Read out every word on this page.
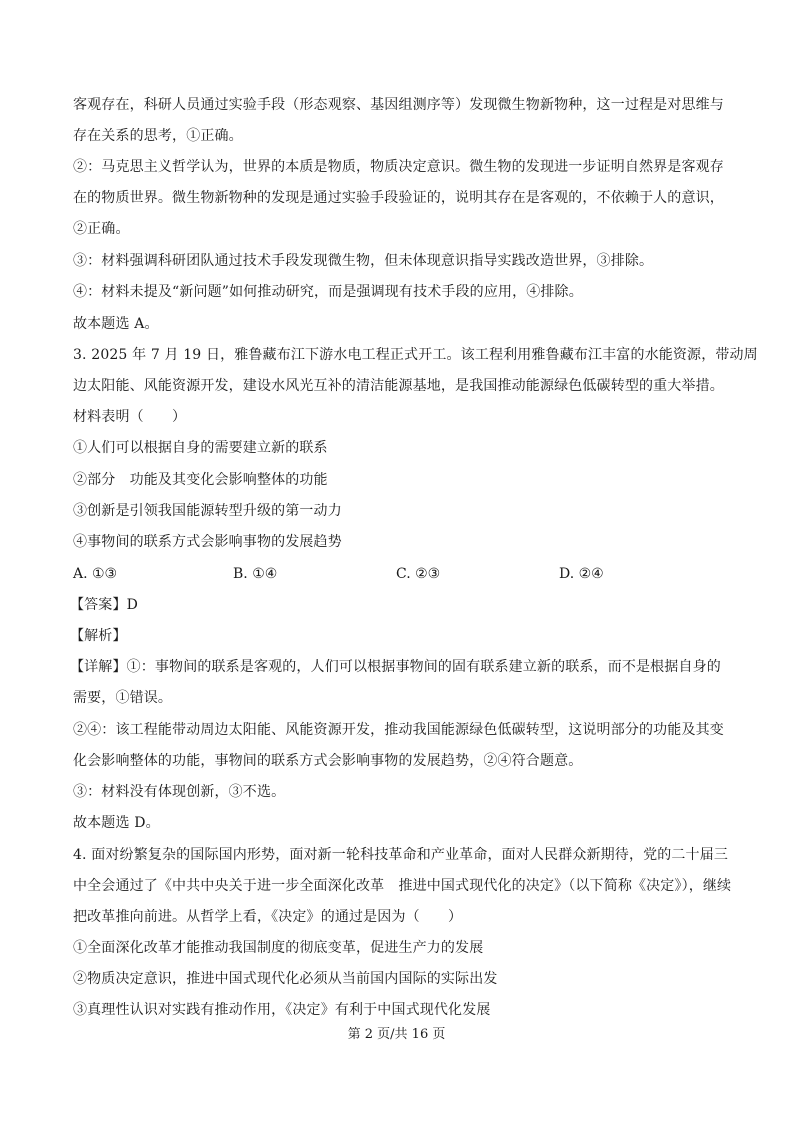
客观存在，科研人员通过实验手段（形态观察、基因组测序等）发现微生物新物种，这一过程是对思维与
存在关系的思考，①正确。
②：马克思主义哲学认为，世界的本质是物质，物质决定意识。微生物的发现进一步证明自然界是客观存
在的物质世界。微生物新物种的发现是通过实验手段验证的，说明其存在是客观的，不依赖于人的意识，
②正确。
③：材料强调科研团队通过技术手段发现微生物，但未体现意识指导实践改造世界，③排除。
④：材料未提及“新问题”如何推动研究，而是强调现有技术手段的应用，④排除。
故本题选 A。
3. 2025 年 7 月 19 日，雅鲁藏布江下游水电工程正式开工。该工程利用雅鲁藏布江丰富的水能资源，带动周
边太阳能、风能资源开发，建设水风光互补的清洁能源基地，是我国推动能源绿色低碳转型的重大举措。
材料表明（　　）
①人们可以根据自身的需要建立新的联系
②部分　功能及其变化会影响整体的功能
③创新是引领我国能源转型升级的第一动力
④事物间的联系方式会影响事物的发展趋势
A. ①③	B. ①④	C. ②③	D. ②④
【答案】D
【解析】
【详解】①：事物间的联系是客观的，人们可以根据事物间的固有联系建立新的联系，而不是根据自身的
需要，①错误。
②④：该工程能带动周边太阳能、风能资源开发，推动我国能源绿色低碳转型，这说明部分的功能及其变
化会影响整体的功能，事物间的联系方式会影响事物的发展趋势，②④符合题意。
③：材料没有体现创新，③不选。
故本题选 D。
4. 面对纷繁复杂的国际国内形势，面对新一轮科技革命和产业革命，面对人民群众新期待，党的二十届三
中全会通过了《中共中央关于进一步全面深化改革　推进中国式现代化的决定》（以下简称《决定》），继续
把改革推向前进。从哲学上看，《决定》的通过是因为（　　）
①全面深化改革才能推动我国制度的彻底变革，促进生产力的发展
②物质决定意识，推进中国式现代化必须从当前国内国际的实际出发
③真理性认识对实践有推动作用，《决定》有利于中国式现代化发展
第 2 页/共 16 页
